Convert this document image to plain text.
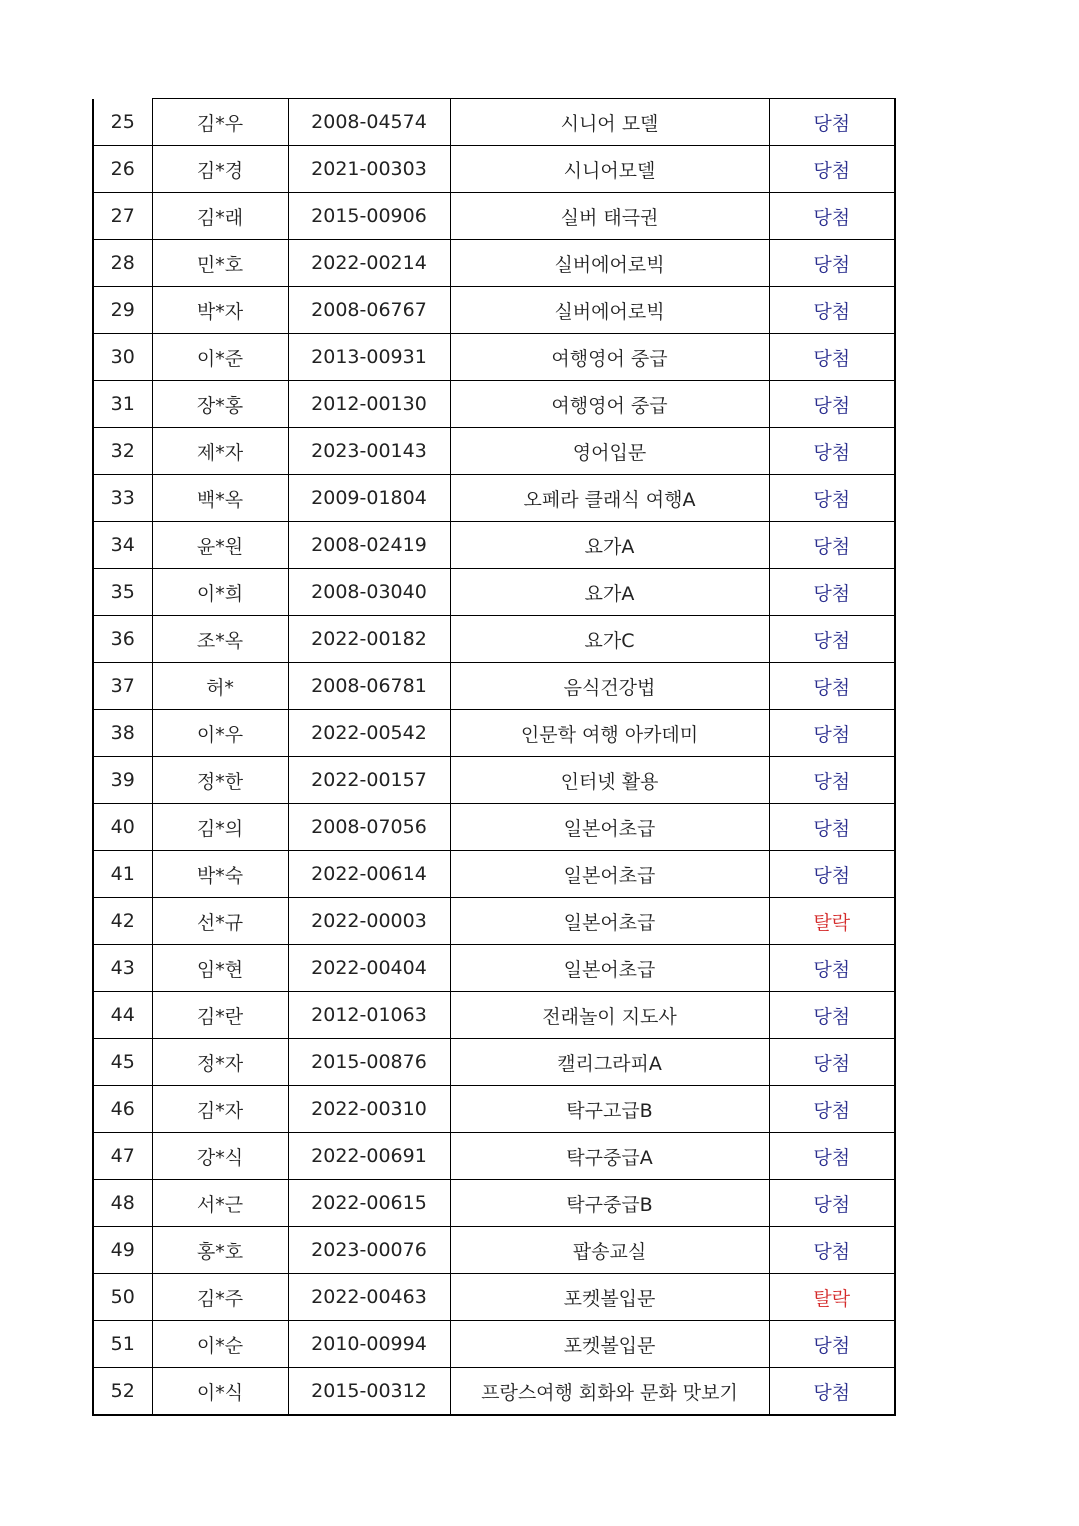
25	김*우	2008-04574	시니어 모델	당첨
26	김*경	2021-00303	시니어모델	당첨
27	김*래	2015-00906	실버 태극권	당첨
28	민*호	2022-00214	실버에어로빅	당첨
29	박*자	2008-06767	실버에어로빅	당첨
30	이*준	2013-00931	여행영어 중급	당첨
31	장*홍	2012-00130	여행영어 중급	당첨
32	제*자	2023-00143	영어입문	당첨
33	백*옥	2009-01804	오페라 클래식 여행A	당첨
34	윤*원	2008-02419	요가A	당첨
35	이*희	2008-03040	요가A	당첨
36	조*옥	2022-00182	요가C	당첨
37	허*	2008-06781	음식건강법	당첨
38	이*우	2022-00542	인문학 여행 아카데미	당첨
39	정*한	2022-00157	인터넷 활용	당첨
40	김*의	2008-07056	일본어초급	당첨
41	박*숙	2022-00614	일본어초급	당첨
42	선*규	2022-00003	일본어초급	탈락
43	임*현	2022-00404	일본어초급	당첨
44	김*란	2012-01063	전래놀이 지도사	당첨
45	정*자	2015-00876	캘리그라피A	당첨
46	김*자	2022-00310	탁구고급B	당첨
47	강*식	2022-00691	탁구중급A	당첨
48	서*근	2022-00615	탁구중급B	당첨
49	홍*호	2023-00076	팝송교실	당첨
50	김*주	2022-00463	포켓볼입문	탈락
51	이*순	2010-00994	포켓볼입문	당첨
52	이*식	2015-00312	프랑스여행 회화와 문화 맛보기	당첨
